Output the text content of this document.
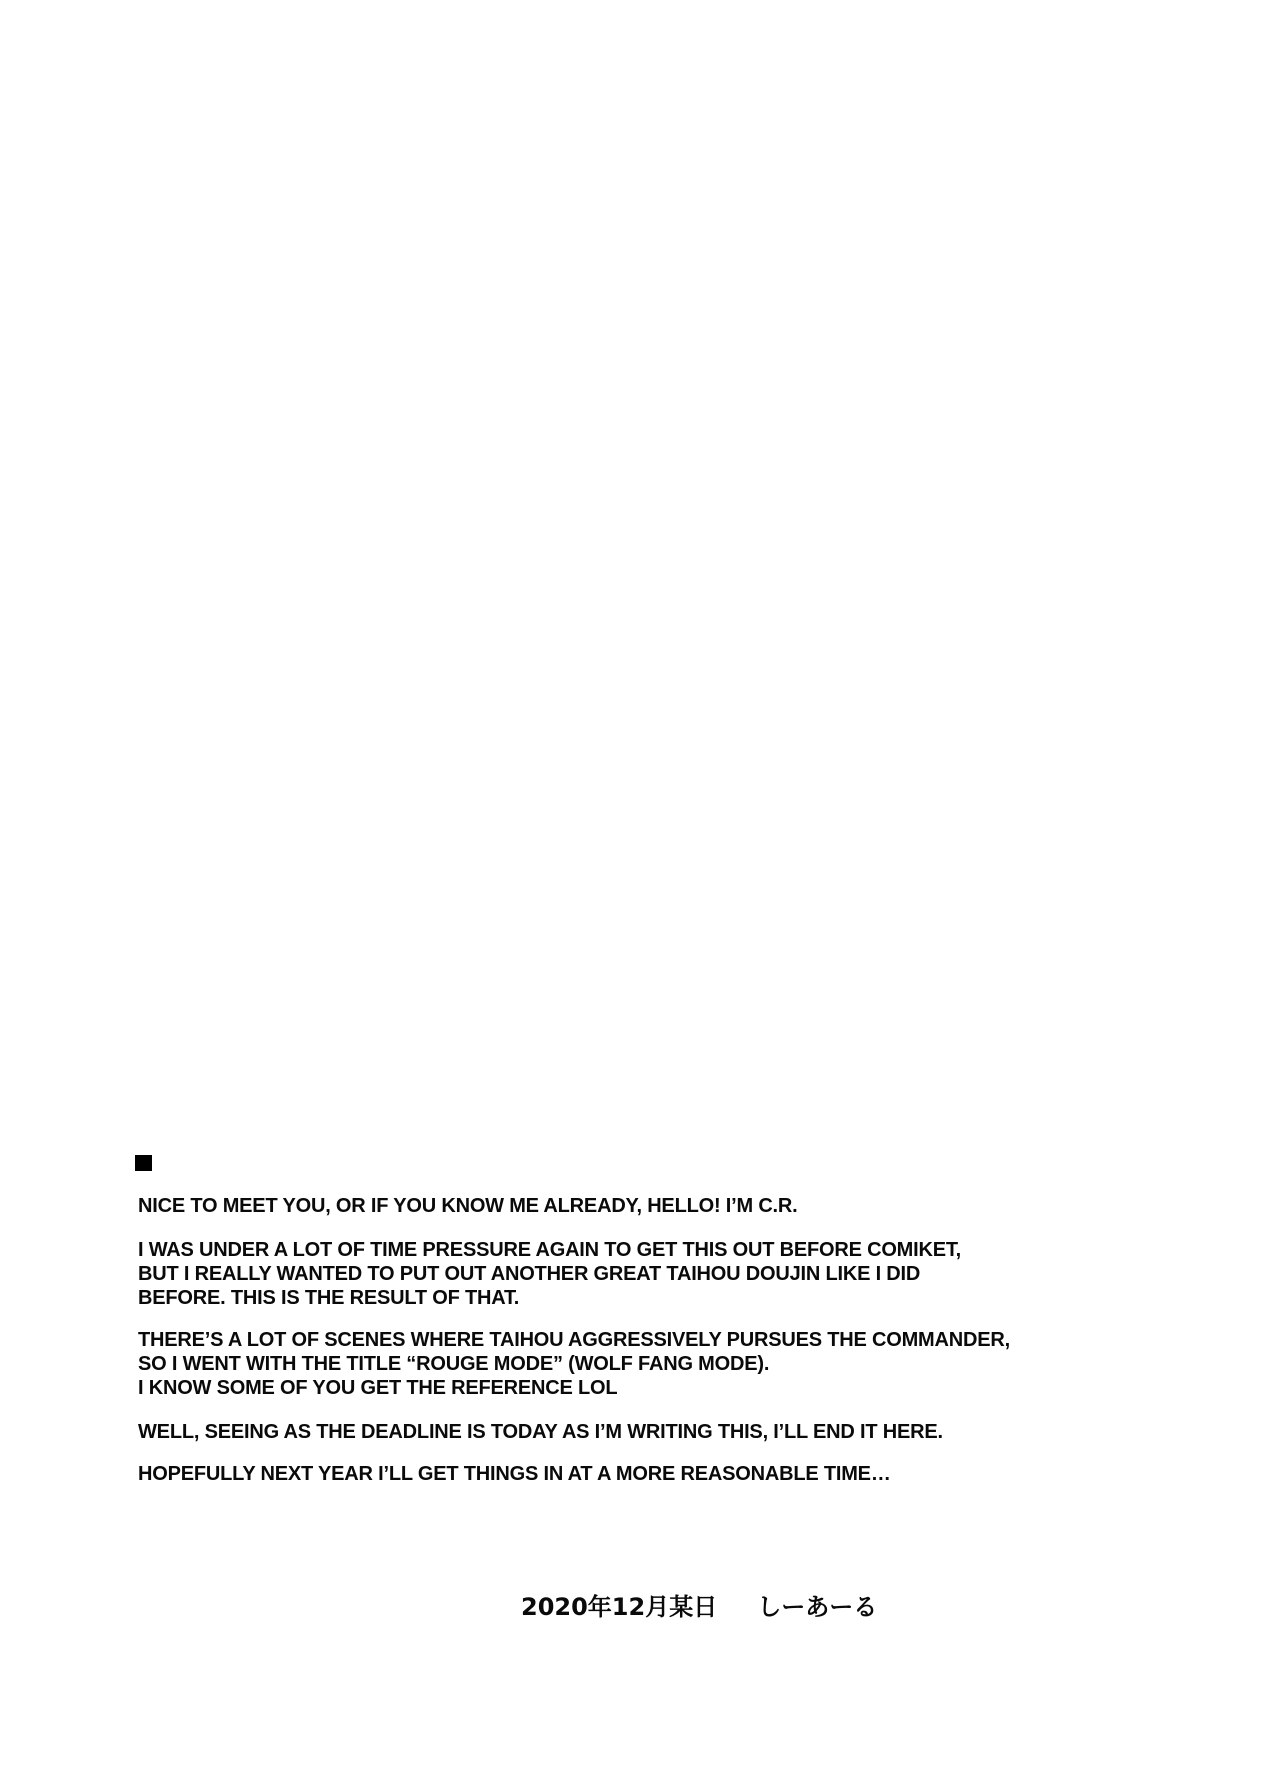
NICE TO MEET YOU, OR IF YOU KNOW ME ALREADY, HELLO! I’M C.R.
I WAS UNDER A LOT OF TIME PRESSURE AGAIN TO GET THIS OUT BEFORE COMIKET,
BUT I REALLY WANTED TO PUT OUT ANOTHER GREAT TAIHOU DOUJIN LIKE I DID
BEFORE. THIS IS THE RESULT OF THAT.
THERE’S A LOT OF SCENES WHERE TAIHOU AGGRESSIVELY PURSUES THE COMMANDER,
SO I WENT WITH THE TITLE “ROUGE MODE” (WOLF FANG MODE).
I KNOW SOME OF YOU GET THE REFERENCE LOL
WELL, SEEING AS THE DEADLINE IS TODAY AS I’M WRITING THIS, I’LL END IT HERE.
HOPEFULLY NEXT YEAR I’LL GET THINGS IN AT A MORE REASONABLE TIME…
2020年12月某日 しーあーる
